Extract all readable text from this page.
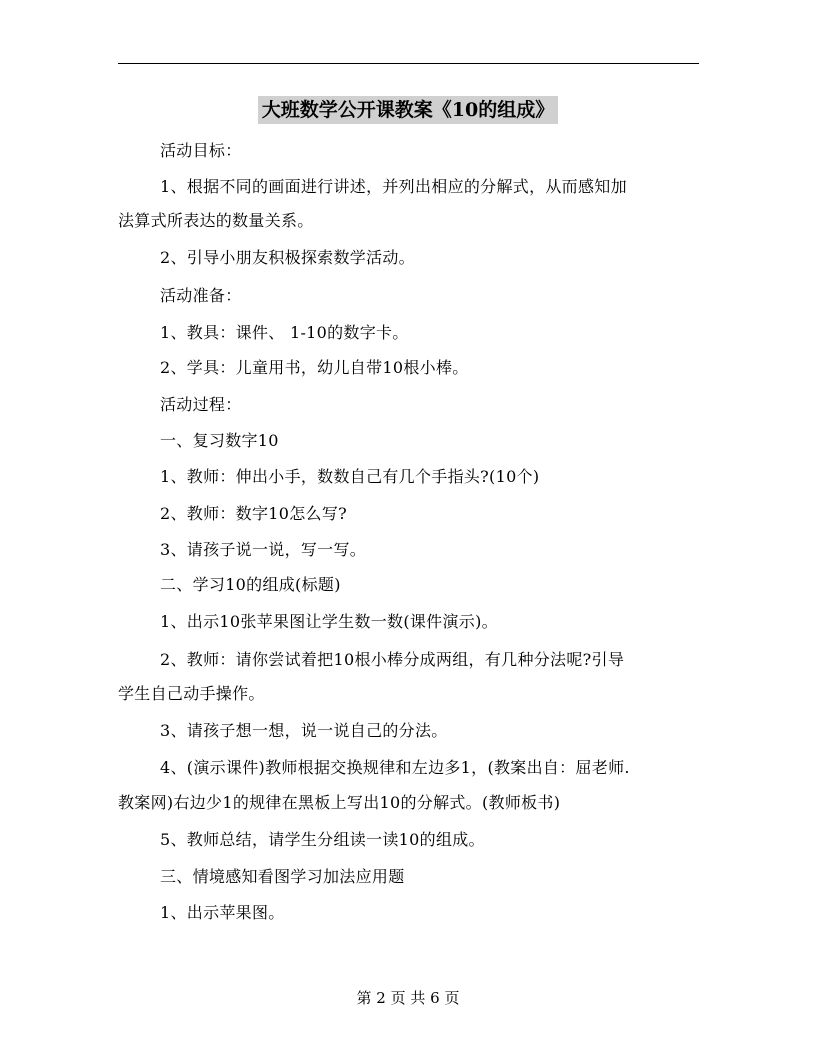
大班数学公开课教案《10的组成》
活动目标：
1、根据不同的画面进行讲述，并列出相应的分解式，从而感知加
法算式所表达的数量关系。
2、引导小朋友积极探索数学活动。
活动准备：
1、教具：课件、 1-10的数字卡。
2、学具：儿童用书，幼儿自带10根小棒。
活动过程：
一、复习数字10
1、教师：伸出小手，数数自己有几个手指头?(10个)
2、教师：数字10怎么写?
3、请孩子说一说，写一写。
二、学习10的组成(标题)
1、出示10张苹果图让学生数一数(课件演示)。
2、教师：请你尝试着把10根小棒分成两组，有几种分法呢?引导
学生自己动手操作。
3、请孩子想一想，说一说自己的分法。
4、(演示课件)教师根据交换规律和左边多1，(教案出自：屈老师.
教案网)右边少1的规律在黑板上写出10的分解式。(教师板书)
5、教师总结，请学生分组读一读10的组成。
三、情境感知看图学习加法应用题
1、出示苹果图。
第 2 页 共 6 页
